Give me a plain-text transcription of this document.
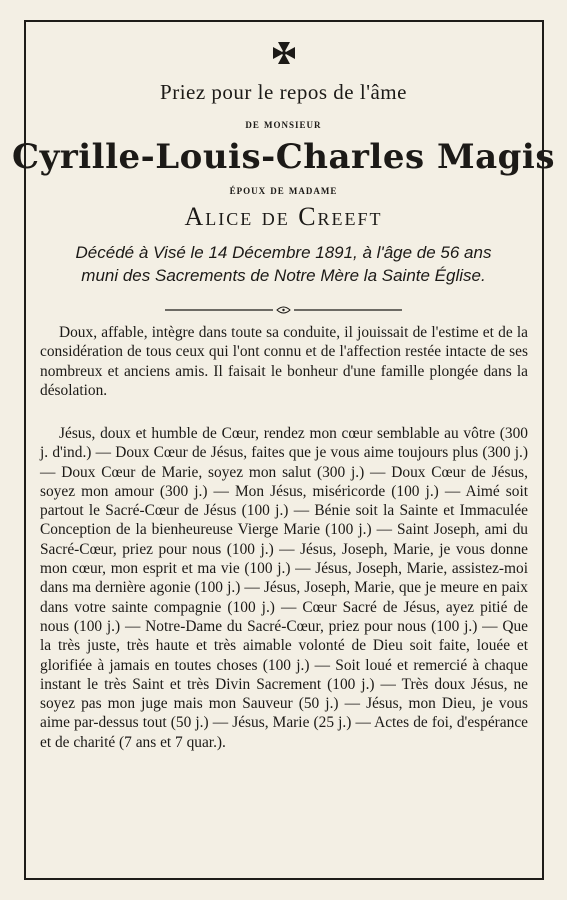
Priez pour le repos de l'âme
de monsieur
Cyrille-Louis-Charles Magis
époux de madame
Alice de Creeft
Décédé à Visé le 14 Décembre 1891, à l'âge de 56 ans
muni des Sacrements de Notre Mère la Sainte Église.
Doux, affable, intègre dans toute sa conduite, il jouissait de l'estime et de la considération de tous ceux qui l'ont connu et de l'affection restée intacte de ses nombreux et anciens amis. Il faisait le bonheur d'une famille plongée dans la désolation.
Jésus, doux et humble de Cœur, rendez mon cœur semblable au vôtre (300 j. d'ind.) — Doux Cœur de Jésus, faites que je vous aime toujours plus (300 j.) — Doux Cœur de Marie, soyez mon salut (300 j.) — Doux Cœur de Jésus, soyez mon amour (300 j.) — Mon Jésus, miséricorde (100 j.) — Aimé soit partout le Sacré-Cœur de Jésus (100 j.) — Bénie soit la Sainte et Immaculée Conception de la bienheureuse Vierge Marie (100 j.) — Saint Joseph, ami du Sacré-Cœur, priez pour nous (100 j.) — Jésus, Joseph, Marie, je vous donne mon cœur, mon esprit et ma vie (100 j.) — Jésus, Joseph, Marie, assistez-moi dans ma dernière agonie (100 j.) — Jésus, Joseph, Marie, que je meure en paix dans votre sainte compagnie (100 j.) — Cœur Sacré de Jésus, ayez pitié de nous (100 j.) — Notre-Dame du Sacré-Cœur, priez pour nous (100 j.) — Que la très juste, très haute et très aimable volonté de Dieu soit faite, louée et glorifiée à jamais en toutes choses (100 j.) — Soit loué et remercié à chaque instant le très Saint et très Divin Sacrement (100 j.) — Très doux Jésus, ne soyez pas mon juge mais mon Sauveur (50 j.) — Jésus, mon Dieu, je vous aime par-dessus tout (50 j.) — Jésus, Marie (25 j.) — Actes de foi, d'espérance et de charité (7 ans et 7 quar.).
